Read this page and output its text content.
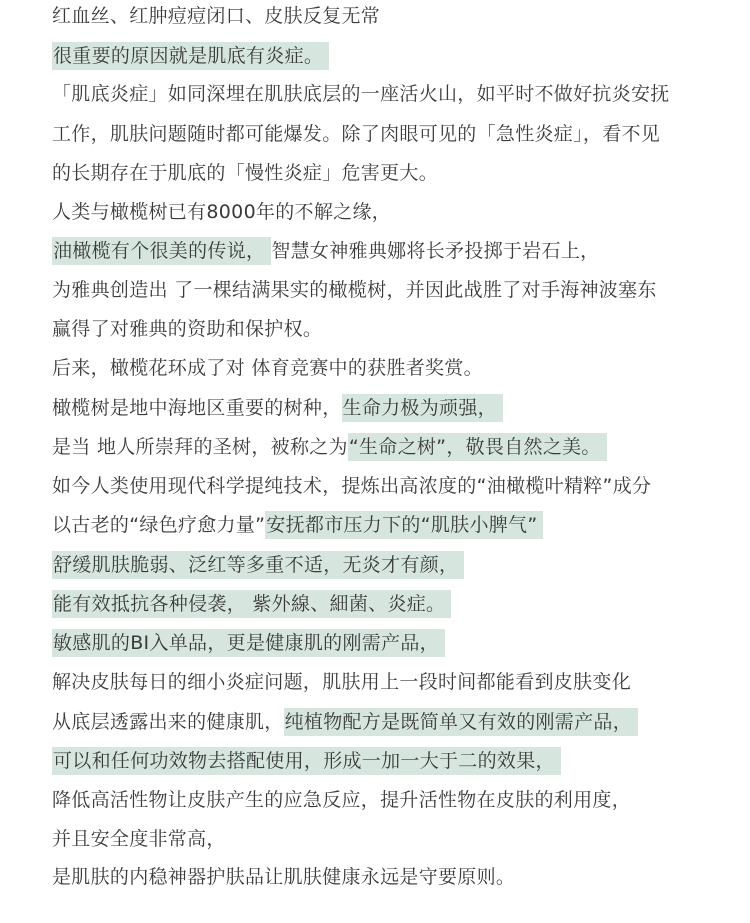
红血丝、红肿痘痘闭口、皮肤反复无常
很重要的原因就是肌底有炎症。
「肌底炎症」如同深埋在肌肤底层的一座活火山，如平时不做好抗炎安抚
工作，肌肤问题随时都可能爆发。除了肉眼可见的「急性炎症」，看不见
的长期存在于肌底的「慢性炎症」危害更大。
人类与橄榄树已有8000年的不解之缘，
油橄榄有个很美的传说， 智慧女神雅典娜将长矛投掷于岩石上，
为雅典创造出 了一棵结满果实的橄榄树，并因此战胜了对手海神波塞东
赢得了对雅典的资助和保护权。
后来，橄榄花环成了对 体育竞赛中的获胜者奖赏。
橄榄树是地中海地区重要的树种，生命力极为顽强，
是当 地人所崇拜的圣树，被称之为“生命之树”，敬畏自然之美。
如今人类使用现代科学提纯技术，提炼出高浓度的“油橄榄叶精粹”成分
以古老的“绿色疗愈力量”安抚都市压力下的“肌肤小脾气”
舒缓肌肤脆弱、泛红等多重不适，无炎才有颜，
能有效抵抗各种侵袭， 紫外線、細菌、炎症。
敏感肌的BI入单品，更是健康肌的刚需产品，
解决皮肤每日的细小炎症问题，肌肤用上一段时间都能看到皮肤变化
从底层透露出来的健康肌，纯植物配方是既简单又有效的刚需产品，
可以和任何功效物去搭配使用，形成一加一大于二的效果，
降低高活性物让皮肤产生的应急反应，提升活性物在皮肤的利用度，
并且安全度非常高，
是肌肤的内稳神器护肤品让肌肤健康永远是守要原则。
